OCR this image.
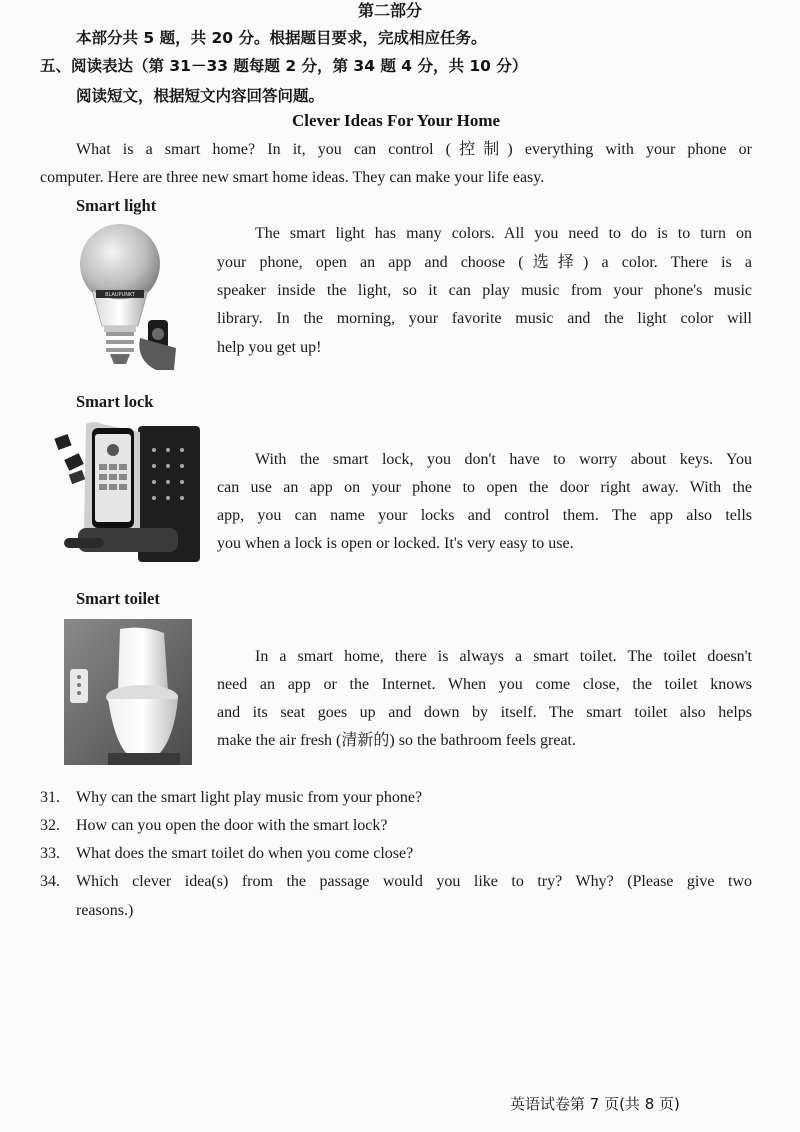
第二部分
本部分共 5 题，共 20 分。根据题目要求，完成相应任务。
五、阅读表达（第 31－33 题每题 2 分，第 34 题 4 分，共 10 分）
阅读短文，根据短文内容回答问题。
Clever Ideas For Your Home
What is a smart home? In it, you can control (控制) everything with your phone or
computer. Here are three new smart home ideas. They can make your life easy.
Smart light
BLAUPUNKT
The smart light has many colors. All you need to do is to turn on
your phone, open an app and choose (选择) a color. There is a
speaker inside the light, so it can play music from your phone's music
library. In the morning, your favorite music and the light color will
help you get up!
Smart lock
With the smart lock, you don't have to worry about keys. You
can use an app on your phone to open the door right away. With the
app, you can name your locks and control them. The app also tells
you when a lock is open or locked. It's very easy to use.
Smart toilet
In a smart home, there is always a smart toilet. The toilet doesn't
need an app or the Internet. When you come close, the toilet knows
and its seat goes up and down by itself. The smart toilet also helps
make the air fresh (清新的) so the bathroom feels great.
31. Why can the smart light play music from your phone?
32. How can you open the door with the smart lock?
33. What does the smart toilet do when you come close?
34. Which clever idea(s) from the passage would you like to try? Why? (Please give two
reasons.)
英语试卷第 7 页(共 8 页)
